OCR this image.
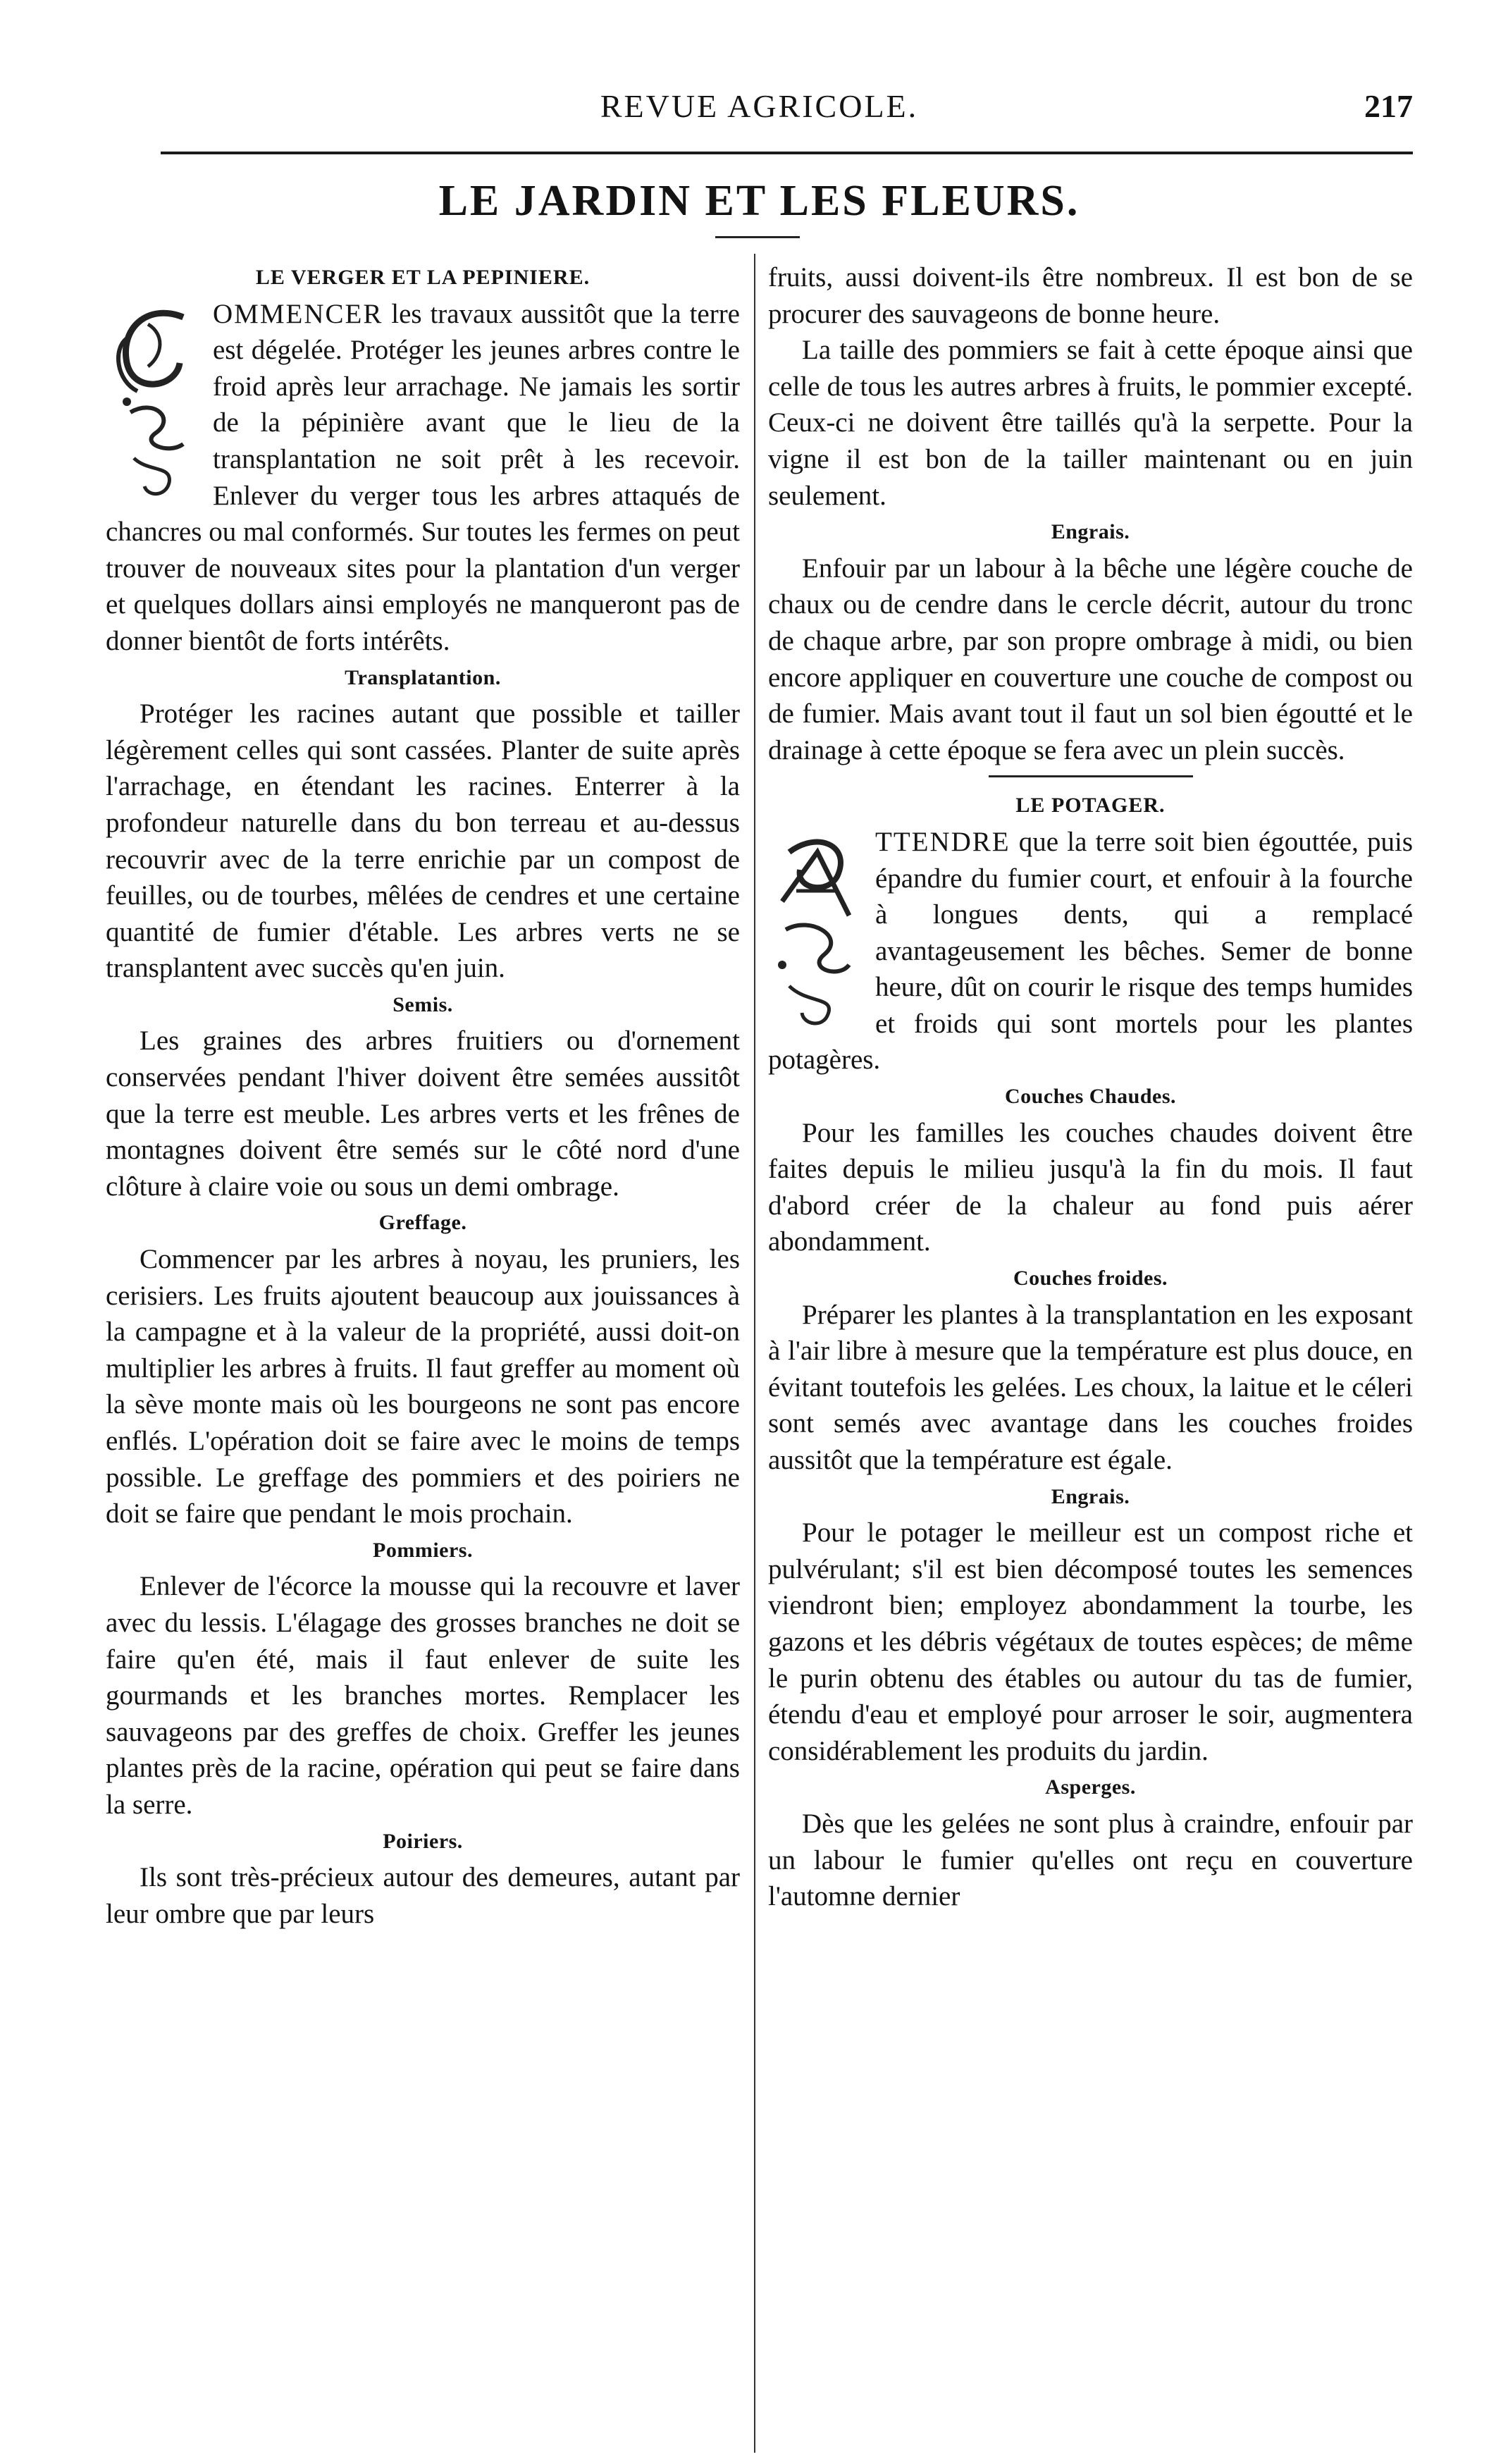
REVUE AGRICOLE.	217
LE JARDIN ET LES FLEURS.
LE VERGER ET LA PEPINIERE.

OMMENCER les travaux aussitôt que la terre est dégelée. Protéger les jeunes arbres contre le froid après leur arrachage. Ne jamais les sortir de la pépinière avant que le lieu de la transplantation ne soit prêt à les recevoir. Enlever du verger tous les arbres attaqués de chancres ou mal conformés. Sur toutes les fermes on peut trouver de nouveaux sites pour la plantation d'un verger et quelques dollars ainsi employés ne manqueront pas de donner bientôt de forts intérêts.

Transplatantion.

Protéger les racines autant que possible et tailler légèrement celles qui sont cassées. Planter de suite après l'arrachage, en étendant les racines. Enterrer à la profondeur naturelle dans du bon terreau et au-dessus recouvrir avec de la terre enrichie par un compost de feuilles, ou de tourbes, mêlées de cendres et une certaine quantité de fumier d'étable. Les arbres verts ne se transplantent avec succès qu'en juin.

Semis.

Les graines des arbres fruitiers ou d'ornement conservées pendant l'hiver doivent être semées aussitôt que la terre est meuble. Les arbres verts et les frênes de montagnes doivent être semés sur le côté nord d'une clôture à claire voie ou sous un demi ombrage.

Greffage.

Commencer par les arbres à noyau, les pruniers, les cerisiers. Les fruits ajoutent beaucoup aux jouissances à la campagne et à la valeur de la propriété, aussi doit-on multiplier les arbres à fruits. Il faut greffer au moment où la sève monte mais où les bourgeons ne sont pas encore enflés. L'opération doit se faire avec le moins de temps possible. Le greffage des pommiers et des poiriers ne doit se faire que pendant le mois prochain.

Pommiers.

Enlever de l'écorce la mousse qui la recouvre et laver avec du lessis. L'élagage des grosses branches ne doit se faire qu'en été, mais il faut enlever de suite les gourmands et les branches mortes. Remplacer les sauvageons par des greffes de choix. Greffer les jeunes plantes près de la racine, opération qui peut se faire dans la serre.

Poiriers.

Ils sont très-précieux autour des demeures, autant par leur ombre que par leurs

fruits, aussi doivent-ils être nombreux. Il est bon de se procurer des sauvageons de bonne heure.

La taille des pommiers se fait à cette époque ainsi que celle de tous les autres arbres à fruits, le pommier excepté. Ceux-ci ne doivent être taillés qu'à la serpette. Pour la vigne il est bon de la tailler maintenant ou en juin seulement.

Engrais.

Enfouir par un labour à la bêche une légère couche de chaux ou de cendre dans le cercle décrit, autour du tronc de chaque arbre, par son propre ombrage à midi, ou bien encore appliquer en couverture une couche de compost ou de fumier. Mais avant tout il faut un sol bien égoutté et le drainage à cette époque se fera avec un plein succès.

LE POTAGER.

TTENDRE que la terre soit bien égouttée, puis épandre du fumier court, et enfouir à la fourche à longues dents, qui a remplacé avantageusement les bêches. Semer de bonne heure, dût on courir le risque des temps humides et froids qui sont mortels pour les plantes potagères.

Couches Chaudes.

Pour les familles les couches chaudes doivent être faites depuis le milieu jusqu'à la fin du mois. Il faut d'abord créer de la chaleur au fond puis aérer abondamment.

Couches froides.

Préparer les plantes à la transplantation en les exposant à l'air libre à mesure que la température est plus douce, en évitant toutefois les gelées. Les choux, la laitue et le céleri sont semés avec avantage dans les couches froides aussitôt que la température est égale.

Engrais.

Pour le potager le meilleur est un compost riche et pulvérulant; s'il est bien décomposé toutes les semences viendront bien; employez abondamment la tourbe, les gazons et les débris végétaux de toutes espèces; de même le purin obtenu des étables ou autour du tas de fumier, étendu d'eau et employé pour arroser le soir, augmentera considérablement les produits du jardin.

Asperges.

Dès que les gelées ne sont plus à craindre, enfouir par un labour le fumier qu'elles ont reçu en couverture l'automne dernier
